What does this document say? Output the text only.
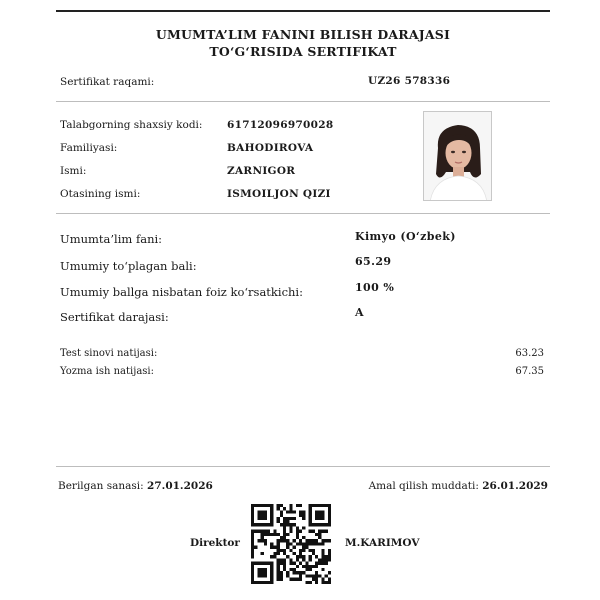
UMUMTA’LIM FANINI BILISH DARAJASI
TO‘G‘RISIDA SERTIFIKAT
Sertifikat raqami:	UZ26 578336
Talabgorning shaxsiy kodi: 61712096970028
Familiyasi:	BAHODIROVA
Ismi:	ZARNIGOR
Otasining ismi:	ISMOILJON QIZI
Umumta’lim fani:	Kimyo (O‘zbek)
Umumiy to‘plagan bali:	65.29
Umumiy ballga nisbatan foiz ko‘rsatkichi:	100 %
Sertifikat darajasi:	A
Test sinovi natijasi:	63.23
Yozma ish natijasi:	67.35
Berilgan sanasi: 27.01.2026	Amal qilish muddati: 26.01.2029
Direktor	M.KARIMOV
